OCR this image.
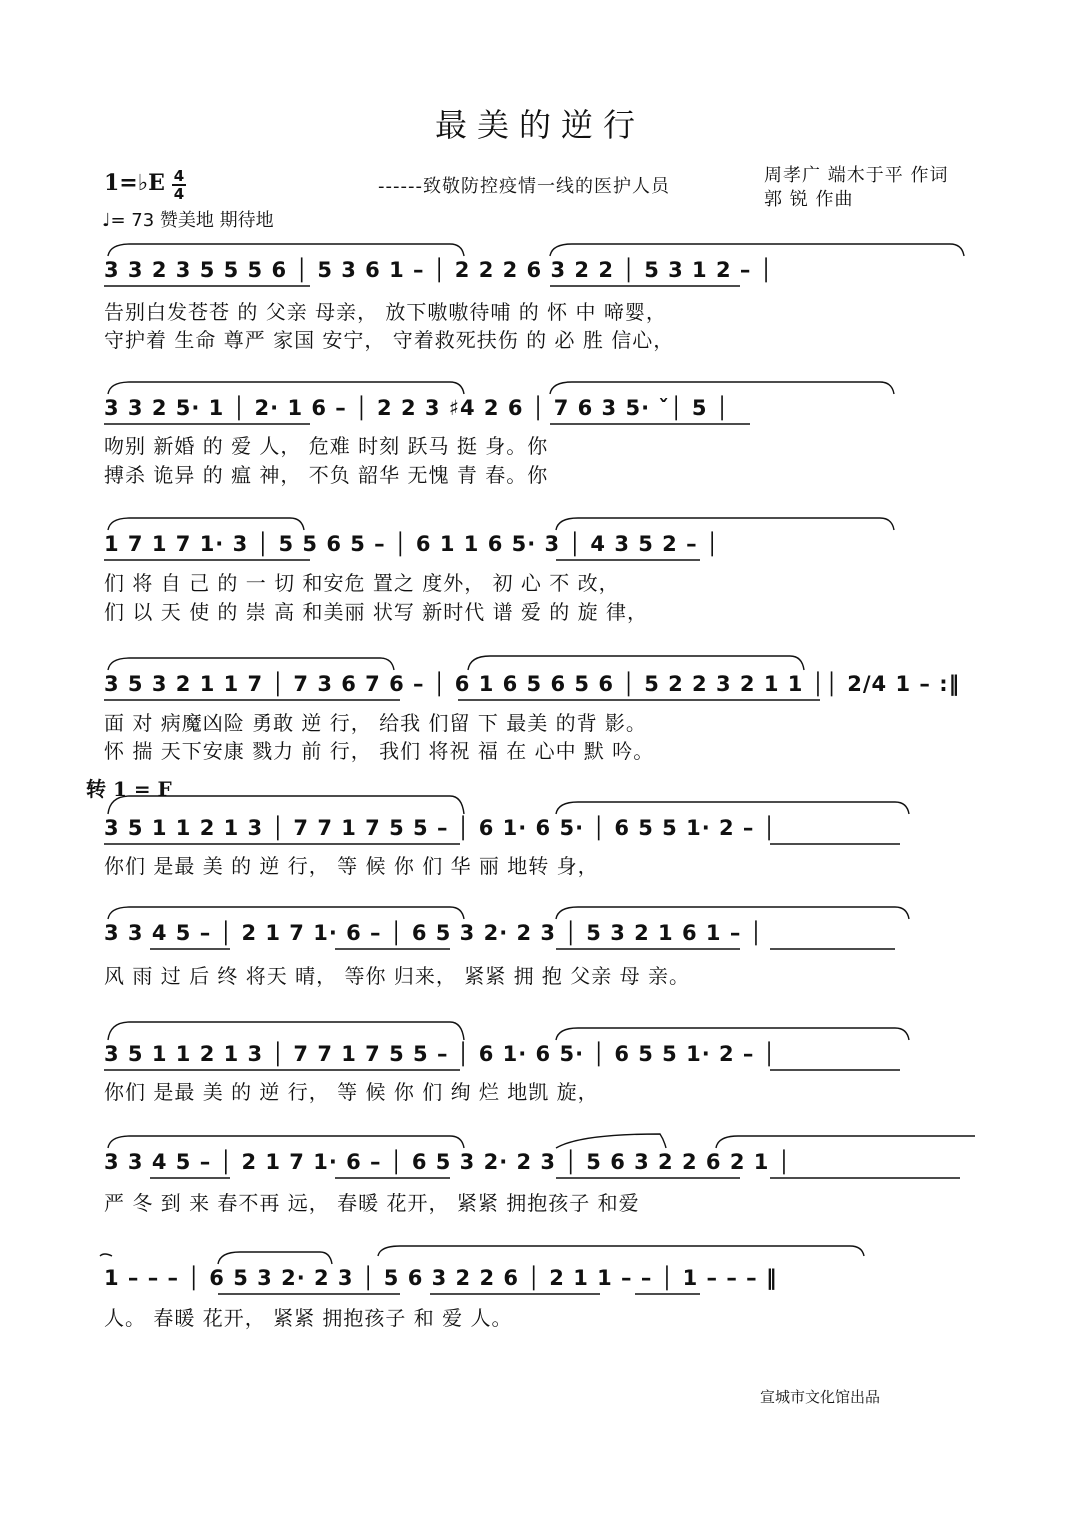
最美的逆行
1=♭E 4
4
♩= 73 赞美地 期待地
------致敬防控疫情一线的医护人员
周孝广 端木于平 作词
郭 锐 作曲
3 3 2 3 5 5 5 6 │ 5 3 6 1 – │ 2 2 2 6 3 2 2 │ 5 3 1 2 – │
告别白发苍苍 的 父亲 母亲， 放下嗷嗷待哺 的 怀 中 啼婴，
守护着 生命 尊严 家国 安宁， 守着救死扶伤 的 必 胜 信心，
3 3 2 5· 1 │ 2· 1 6 – │ 2 2 3 ♯4 2 6 │ 7 6 3 5· ˇ│ 5 │
吻别 新婚 的 爱 人， 危难 时刻 跃马 挺 身。你
搏杀 诡异 的 瘟 神， 不负 韶华 无愧 青 春。你
1 7 1 7 1· 3 │ 5 5 6 5 – │ 6 1 1 6 5· 3 │ 4 3 5 2 – │
们 将 自 己 的 一 切 和安危 置之 度外， 初 心 不 改，
们 以 天 使 的 崇 高 和美丽 状写 新时代 谱 爱 的 旋 律，
3 5 3 2 1 1 7 │ 7 3 6 7 6 – │ 6 1 6 5 6 5 6 │ 5 2 2 3 2 1 1 ││ 2/4 1 – :‖
面 对 病魔凶险 勇敢 逆 行， 给我 们留 下 最美 的背 影。
怀 揣 天下安康 戮力 前 行， 我们 将祝 福 在 心中 默 吟。
转 1 = F
3 5 1 1 2 1 3 │ 7 7 1 7 5 5 – │ 6 1· 6 5· │ 6 5 5 1· 2 – │
你们 是最 美 的 逆 行， 等 候 你 们 华 丽 地转 身，
3 3 4 5 – │ 2 1 7 1· 6 – │ 6 5 3 2· 2 3 │ 5 3 2 1 6 1 – │
风 雨 过 后 终 将天 晴， 等你 归来， 紧紧 拥 抱 父亲 母 亲。
3 5 1 1 2 1 3 │ 7 7 1 7 5 5 – │ 6 1· 6 5· │ 6 5 5 1· 2 – │
你们 是最 美 的 逆 行， 等 候 你 们 绚 烂 地凯 旋，
3 3 4 5 – │ 2 1 7 1· 6 – │ 6 5 3 2· 2 3 │ 5 6 3 2 2 6 2 1 │
严 冬 到 来 春不再 远， 春暖 花开， 紧紧 拥抱孩子 和爱
1 – – – │ 6 5 3 2· 2 3 │ 5 6 3 2 2 6 │ 2 1 1 – – │ 1 – – – ‖
人。 春暖 花开， 紧紧 拥抱孩子 和 爱 人。
宣城市文化馆出品
